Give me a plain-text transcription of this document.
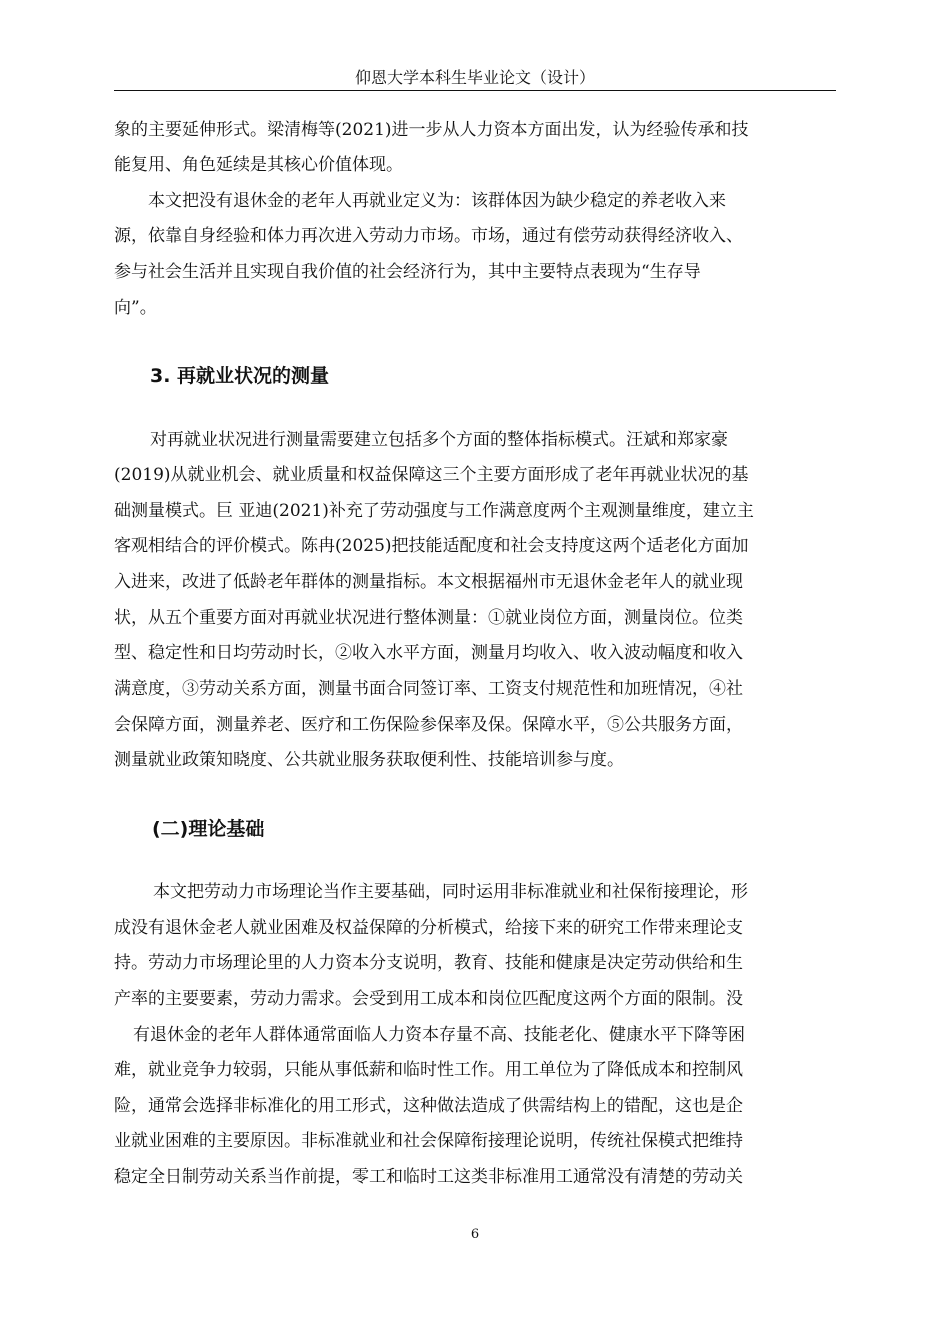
仰恩大学本科生毕业论文（设计）
象的主要延伸形式。梁清梅等(2021)进一步从人力资本方面出发，认为经验传承和技
能复用、角色延续是其核心价值体现。
本文把没有退休金的老年人再就业定义为：该群体因为缺少稳定的养老收入来
源，依靠自身经验和体力再次进入劳动力市场。市场，通过有偿劳动获得经济收入、
参与社会生活并且实现自我价值的社会经济行为，其中主要特点表现为“生存导
向”。
3. 再就业状况的测量
对再就业状况进行测量需要建立包括多个方面的整体指标模式。汪斌和郑家豪
(2019)从就业机会、就业质量和权益保障这三个主要方面形成了老年再就业状况的基
础测量模式。巨 亚迪(2021)补充了劳动强度与工作满意度两个主观测量维度，建立主
客观相结合的评价模式。陈冉(2025)把技能适配度和社会支持度这两个适老化方面加
入进来，改进了低龄老年群体的测量指标。本文根据福州市无退休金老年人的就业现
状，从五个重要方面对再就业状况进行整体测量：①就业岗位方面，测量岗位。位类
型、稳定性和日均劳动时长，②收入水平方面，测量月均收入、收入波动幅度和收入
满意度，③劳动关系方面，测量书面合同签订率、工资支付规范性和加班情况，④社
会保障方面，测量养老、医疗和工伤保险参保率及保。保障水平，⑤公共服务方面，
测量就业政策知晓度、公共就业服务获取便利性、技能培训参与度。
(二)理论基础
本文把劳动力市场理论当作主要基础，同时运用非标准就业和社保衔接理论，形
成没有退休金老人就业困难及权益保障的分析模式，给接下来的研究工作带来理论支
持。劳动力市场理论里的人力资本分支说明，教育、技能和健康是决定劳动供给和生
产率的主要要素，劳动力需求。会受到用工成本和岗位匹配度这两个方面的限制。没
有退休金的老年人群体通常面临人力资本存量不高、技能老化、健康水平下降等困
难，就业竞争力较弱，只能从事低薪和临时性工作。用工单位为了降低成本和控制风
险，通常会选择非标准化的用工形式，这种做法造成了供需结构上的错配，这也是企
业就业困难的主要原因。非标准就业和社会保障衔接理论说明，传统社保模式把维持
稳定全日制劳动关系当作前提，零工和临时工这类非标准用工通常没有清楚的劳动关
6
